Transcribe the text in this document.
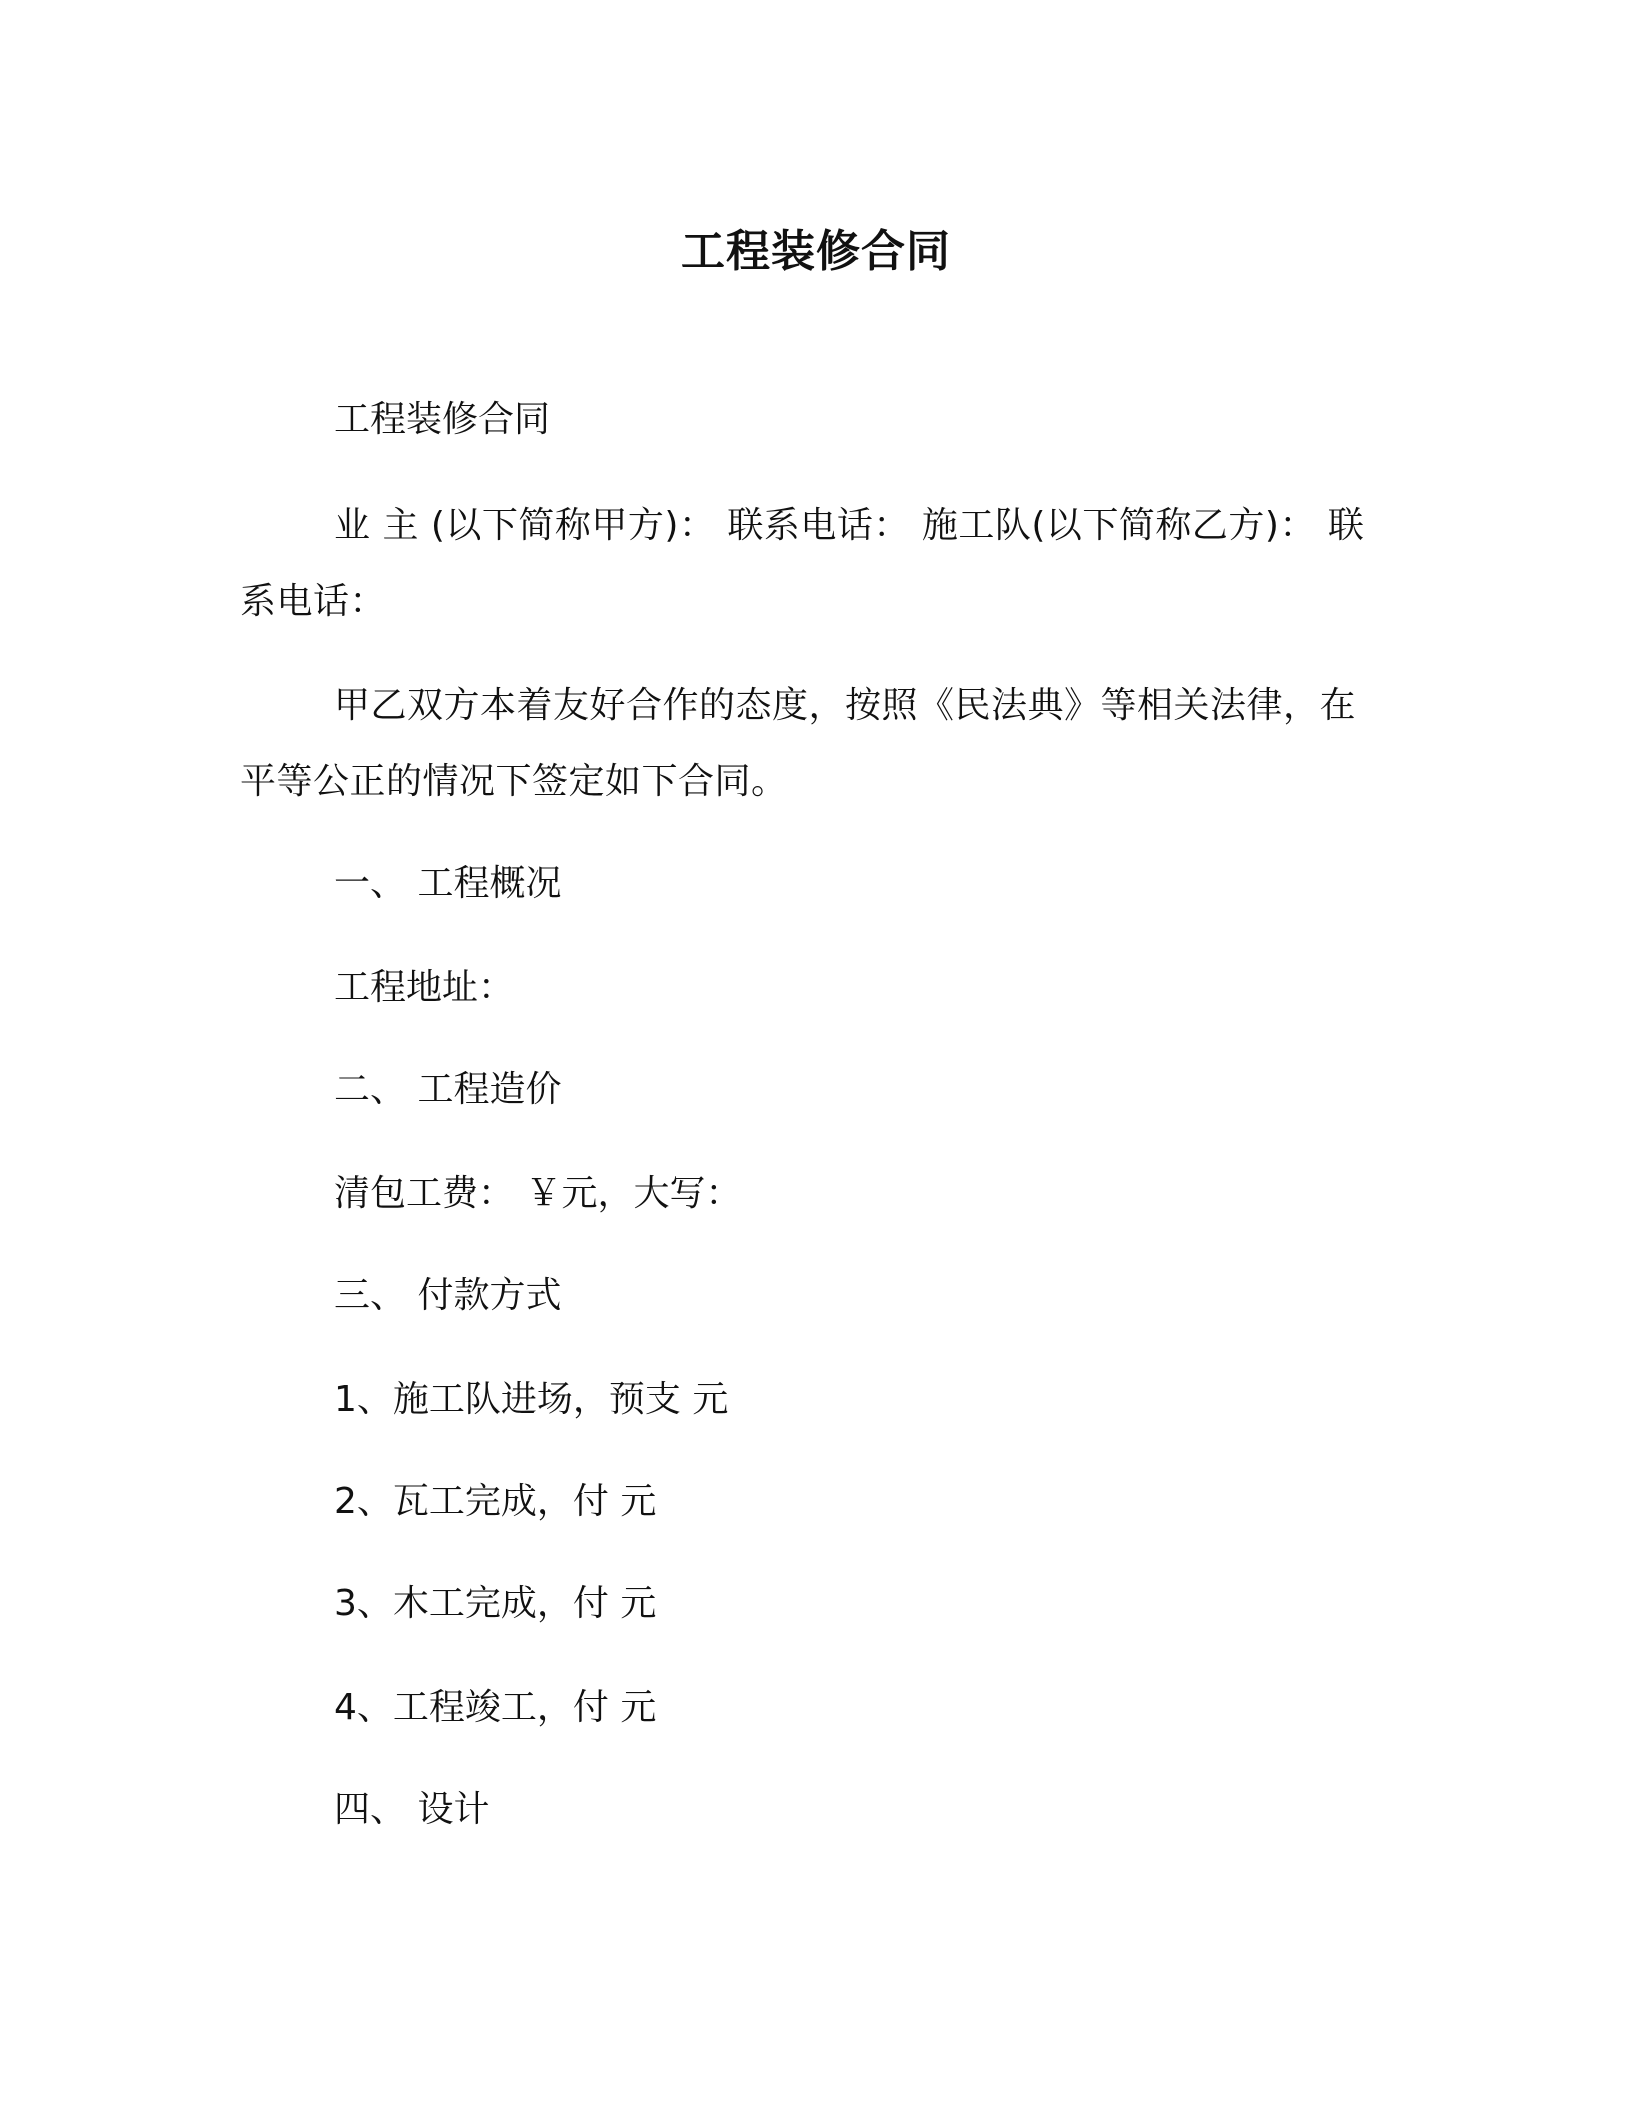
工程装修合同
工程装修合同
业 主 (以下简称甲方)： 联系电话： 施工队(以下简称乙方)： 联系电话：
甲乙双方本着友好合作的态度，按照《民法典》等相关法律，在平等公正的情况下签定如下合同。
一、 工程概况
工程地址：
二、 工程造价
清包工费： ￥元，大写：
三、 付款方式
1、施工队进场，预支 元
2、瓦工完成，付 元
3、木工完成，付 元
4、工程竣工，付 元
四、 设计
